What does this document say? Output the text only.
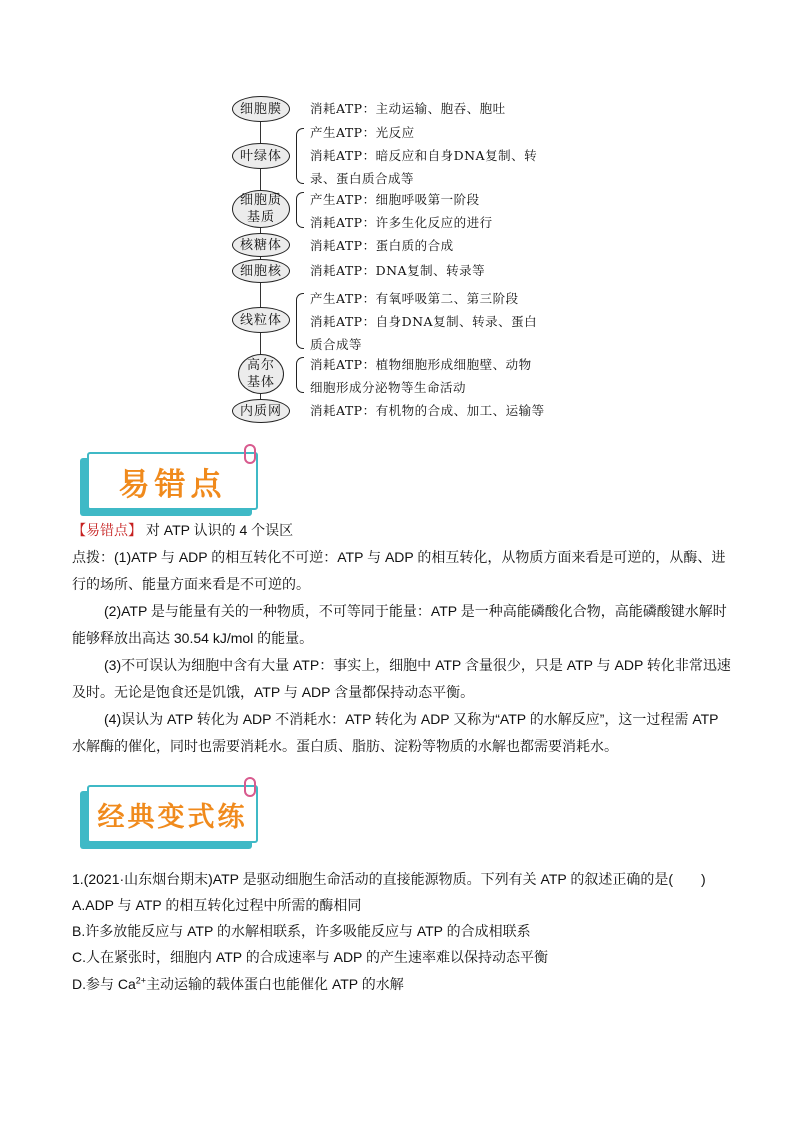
细胞膜 消耗ATP：主动运输、胞吞、胞吐
叶绿体
产生ATP：光反应
消耗ATP：暗反应和自身DNA复制、转
录、蛋白质合成等
细胞质
基质
产生ATP：细胞呼吸第一阶段
消耗ATP：许多生化反应的进行
核糖体 消耗ATP：蛋白质的合成
细胞核 消耗ATP：DNA复制、转录等
线粒体
产生ATP：有氧呼吸第二、第三阶段
消耗ATP：自身DNA复制、转录、蛋白
质合成等
高尔
基体
消耗ATP：植物细胞形成细胞壁、动物
细胞形成分泌物等生命活动
内质网 消耗ATP：有机物的合成、加工、运输等
易错点
【易错点】 对 ATP 认识的 4 个误区
点拨：(1)ATP 与 ADP 的相互转化不可逆：ATP 与 ADP 的相互转化，从物质方面来看是可逆的，从酶、进
行的场所、能量方面来看是不可逆的。
(2)ATP 是与能量有关的一种物质，不可等同于能量：ATP 是一种高能磷酸化合物，高能磷酸键水解时
能够释放出高达 30.54 kJ/mol 的能量。
(3)不可误认为细胞中含有大量 ATP：事实上，细胞中 ATP 含量很少，只是 ATP 与 ADP 转化非常迅速
及时。无论是饱食还是饥饿，ATP 与 ADP 含量都保持动态平衡。
(4)误认为 ATP 转化为 ADP 不消耗水：ATP 转化为 ADP 又称为“ATP 的水解反应”，这一过程需 ATP
水解酶的催化，同时也需要消耗水。蛋白质、脂肪、淀粉等物质的水解也都需要消耗水。
经典变式练
1.(2021·山东烟台期末)ATP 是驱动细胞生命活动的直接能源物质。下列有关 ATP 的叙述正确的是(　　)
A.ADP 与 ATP 的相互转化过程中所需的酶相同
B.许多放能反应与 ATP 的水解相联系，许多吸能反应与 ATP 的合成相联系
C.人在紧张时，细胞内 ATP 的合成速率与 ADP 的产生速率难以保持动态平衡
D.参与 $Ca^{2+}$主动运输的载体蛋白也能催化 ATP 的水解
